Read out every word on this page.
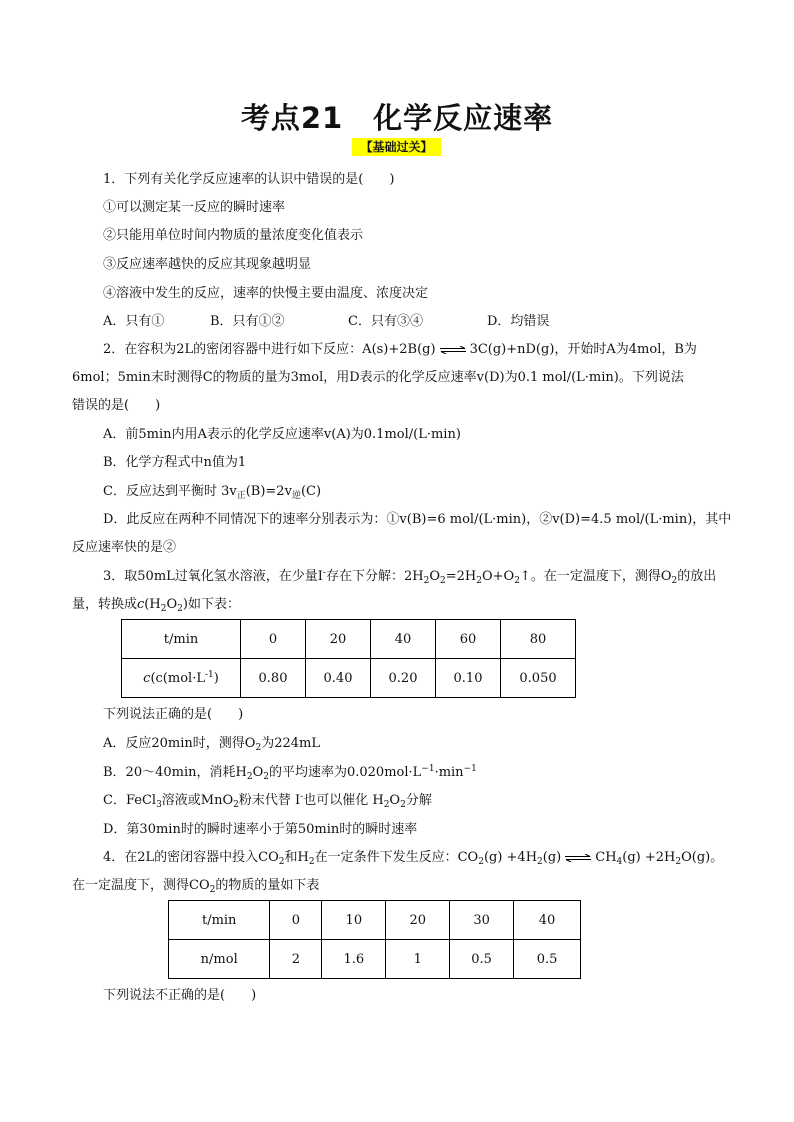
考点21　化学反应速率
【基础过关】
1．下列有关化学反应速率的认识中错误的是(　　)
①可以测定某一反应的瞬时速率
②只能用单位时间内物质的量浓度变化值表示
③反应速率越快的反应其现象越明显
④溶液中发生的反应，速率的快慢主要由温度、浓度决定
A．只有①	B．只有①②	C．只有③④	D．均错误
2．在容积为2L的密闭容器中进行如下反应：A(s)+2B(g) ⇌ 3C(g)+nD(g)，开始时A为4mol，B为
6mol；5min末时测得C的物质的量为3mol，用D表示的化学反应速率v(D)为0.1 mol/(L·min)。下列说法
错误的是(　　)
A．前5min内用A表示的化学反应速率v(A)为0.1mol/(L·min)
B．化学方程式中n值为1
C．反应达到平衡时 $3v_正(B)=2v_逆(C)$
D．此反应在两种不同情况下的速率分别表示为：①v(B)=6 mol/(L·min)，②v(D)=4.5 mol/(L·min)，其中
反应速率快的是②
3．取50mL过氧化氢水溶液，在少量I-存在下分解：$2H_2O_2=2H_2O+O_2↑$。在一定温度下，测得$O_2$的放出
量，转换成$c(H_2O_2)$如下表：
t/min	0	20	40	60	80
$c(c(mol\cdot L^{-1})$	0.80	0.40	0.20	0.10	0.050
下列说法正确的是(　　)
A．反应20min时，测得$O_2$为224mL
B．20～40min，消耗$H_2O_2$的平均速率为$0.020mol\cdot L^{-1}\cdot\min^{-1}$
C．FeCl$_3$溶液或MnO$_2$粉末代替 I-也可以催化 $H_2O_2$分解
D．第30min时的瞬时速率小于第50min时的瞬时速率
4．在2L的密闭容器中投入$CO_2$和$H_2$在一定条件下发生反应：$CO_2(g) +4H_2(g)$ ⇌ $CH_4(g) +2H_2O(g)$。
在一定温度下，测得$CO_2$的物质的量如下表
t/min	0	10	20	30	40
n/mol	2	1.6	1	0.5	0.5
下列说法不正确的是(　　)
